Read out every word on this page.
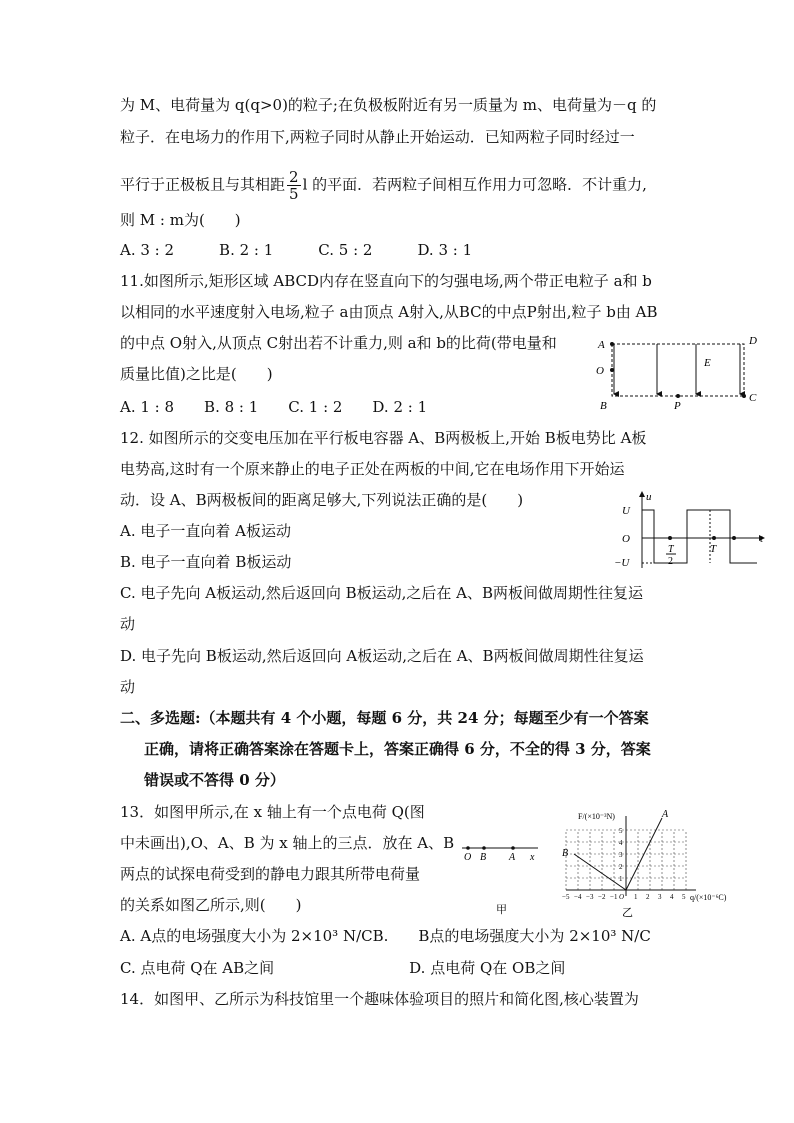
为 M、电荷量为 q(q>0)的粒子;在负极板附近有另一质量为 m、电荷量为－q 的
粒子．在电场力的作用下,两粒子同时从静止开始运动．已知两粒子同时经过一
平行于正极板且与其相距 $\frac{2}{5}$ l 的平面．若两粒子间相互作用力可忽略．不计重力,
则 M : m为(　　)
A. 3 : 2　　　B. 2 : 1　　　C. 5 : 2　　　D. 3 : 1
11.如图所示,矩形区域 ABCD内存在竖直向下的匀强电场,两个带正电粒子 a和 b
以相同的水平速度射入电场,粒子 a由顶点 A射入,从BC的中点P射出,粒子 b由 AB
的中点 O射入,从顶点 C射出若不计重力,则 a和 b的比荷(带电量和
质量比值)之比是(　　)
A. 1 : 8　　B. 8 : 1　　C. 1 : 2　　D. 2 : 1
12. 如图所示的交变电压加在平行板电容器 A、B两极板上,开始 B板电势比 A板
电势高,这时有一个原来静止的电子正处在两板的中间,它在电场作用下开始运
动．设 A、B两极板间的距离足够大,下列说法正确的是(　　)
A. 电子一直向着 A板运动
B. 电子一直向着 B板运动
C. 电子先向 A板运动,然后返回向 B板运动,之后在 A、B两板间做周期性往复运
动
D. 电子先向 B板运动,然后返回向 A板运动,之后在 A、B两板间做周期性往复运
动
二、多选题:（本题共有 4 个小题，每题 6 分，共 24 分；每题至少有一个答案
正确，请将正确答案涂在答题卡上，答案正确得 6 分，不全的得 3 分，答案
错误或不答得 0 分）
13．如图甲所示,在 x 轴上有一个点电荷 Q(图
中未画出),O、A、B 为 x 轴上的三点．放在 A、B
两点的试探电荷受到的静电力跟其所带电荷量
的关系如图乙所示,则(　　)
A. A点的电场强度大小为 2×10³ N/CB.　　B点的电场强度大小为 2×10³ N/C
C. 点电荷 Q在 AB之间　　　　　　　　　D. 点电荷 Q在 OB之间
14．如图甲、乙所示为科技馆里一个趣味体验项目的照片和简化图,核心装置为
A
O
B	P
C
D
E
u
U
O
−U
T
2
T
t
O B A x
甲
F/(×10⁻³N)
q/(×10⁻⁶C)
A
B
O
1
2
3
4
5
−5 −4 −3 −2 −1 1 2 3 4 5
乙
